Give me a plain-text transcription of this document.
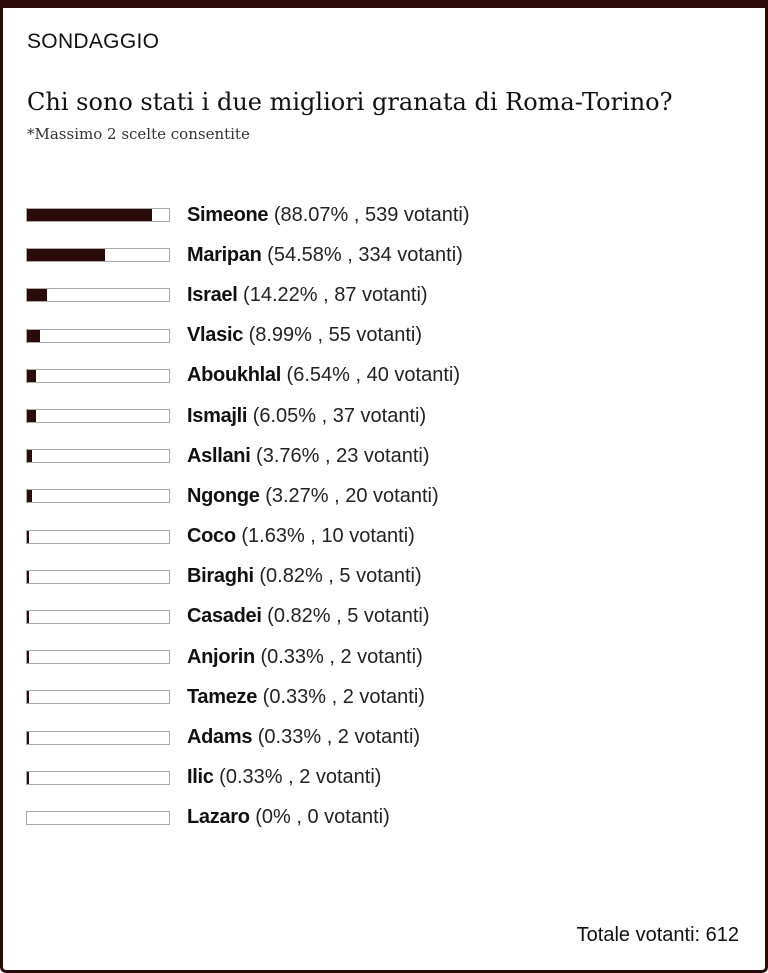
SONDAGGIO
Chi sono stati i due migliori granata di Roma-Torino?
*Massimo 2 scelte consentite
Simeone (88.07% , 539 votanti)
Maripan (54.58% , 334 votanti)
Israel (14.22% , 87 votanti)
Vlasic (8.99% , 55 votanti)
Aboukhlal (6.54% , 40 votanti)
Ismajli (6.05% , 37 votanti)
Asllani (3.76% , 23 votanti)
Ngonge (3.27% , 20 votanti)
Coco (1.63% , 10 votanti)
Biraghi (0.82% , 5 votanti)
Casadei (0.82% , 5 votanti)
Anjorin (0.33% , 2 votanti)
Tameze (0.33% , 2 votanti)
Adams (0.33% , 2 votanti)
Ilic (0.33% , 2 votanti)
Lazaro (0% , 0 votanti)
Totale votanti: 612
